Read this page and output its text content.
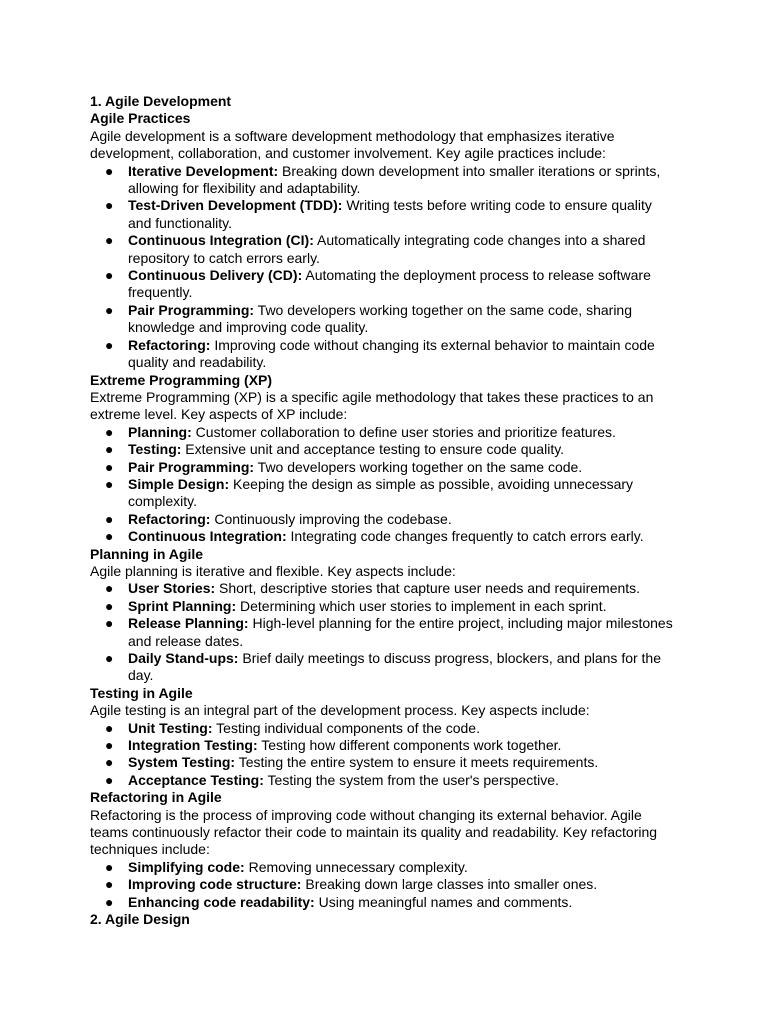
1. Agile Development

Agile Practices

Agile development is a software development methodology that emphasizes iterative development, collaboration, and customer involvement. Key agile practices include:

● Iterative Development: Breaking down development into smaller iterations or sprints, allowing for flexibility and adaptability.
● Test-Driven Development (TDD): Writing tests before writing code to ensure quality and functionality.
● Continuous Integration (CI): Automatically integrating code changes into a shared repository to catch errors early.
● Continuous Delivery (CD): Automating the deployment process to release software frequently.
● Pair Programming: Two developers working together on the same code, sharing knowledge and improving code quality.
● Refactoring: Improving code without changing its external behavior to maintain code quality and readability.

Extreme Programming (XP)

Extreme Programming (XP) is a specific agile methodology that takes these practices to an extreme level. Key aspects of XP include:

● Planning: Customer collaboration to define user stories and prioritize features.
● Testing: Extensive unit and acceptance testing to ensure code quality.
● Pair Programming: Two developers working together on the same code.
● Simple Design: Keeping the design as simple as possible, avoiding unnecessary complexity.
● Refactoring: Continuously improving the codebase.
● Continuous Integration: Integrating code changes frequently to catch errors early.

Planning in Agile

Agile planning is iterative and flexible. Key aspects include:

● User Stories: Short, descriptive stories that capture user needs and requirements.
● Sprint Planning: Determining which user stories to implement in each sprint.
● Release Planning: High-level planning for the entire project, including major milestones and release dates.
● Daily Stand-ups: Brief daily meetings to discuss progress, blockers, and plans for the day.

Testing in Agile

Agile testing is an integral part of the development process. Key aspects include:

● Unit Testing: Testing individual components of the code.
● Integration Testing: Testing how different components work together.
● System Testing: Testing the entire system to ensure it meets requirements.
● Acceptance Testing: Testing the system from the user's perspective.

Refactoring in Agile

Refactoring is the process of improving code without changing its external behavior. Agile teams continuously refactor their code to maintain its quality and readability. Key refactoring techniques include:

● Simplifying code: Removing unnecessary complexity.
● Improving code structure: Breaking down large classes into smaller ones.
● Enhancing code readability: Using meaningful names and comments.

2. Agile Design
